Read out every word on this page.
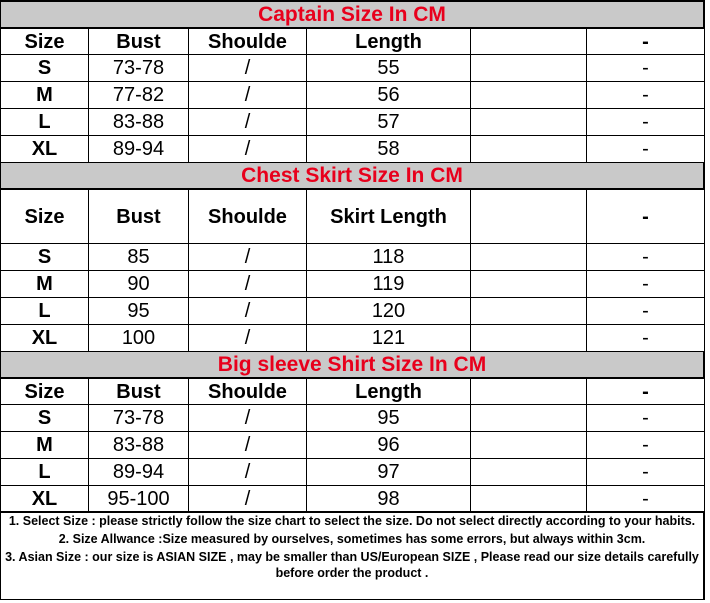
Captain Size In CM
Size	Bust	Shoulde	Length		-
S	73-78	/	55		-
M	77-82	/	56		-
L	83-88	/	57		-
XL	89-94	/	58		-
Chest Skirt Size In CM
Size	Bust	Shoulde	Skirt Length		-
S	85	/	118		-
M	90	/	119		-
L	95	/	120		-
XL	100	/	121		-
Big sleeve Shirt Size In CM
Size	Bust	Shoulde	Length		-
S	73-78	/	95		-
M	83-88	/	96		-
L	89-94	/	97		-
XL	95-100	/	98		-

1. Select Size : please strictly follow the size chart to select the size. Do not select directly according to your habits.

2. Size Allwance :Size measured by ourselves, sometimes has some errors, but always within 3cm.

3. Asian Size : our size is ASIAN SIZE , may be smaller than US/European SIZE , Please read our size details carefully before order the product .
